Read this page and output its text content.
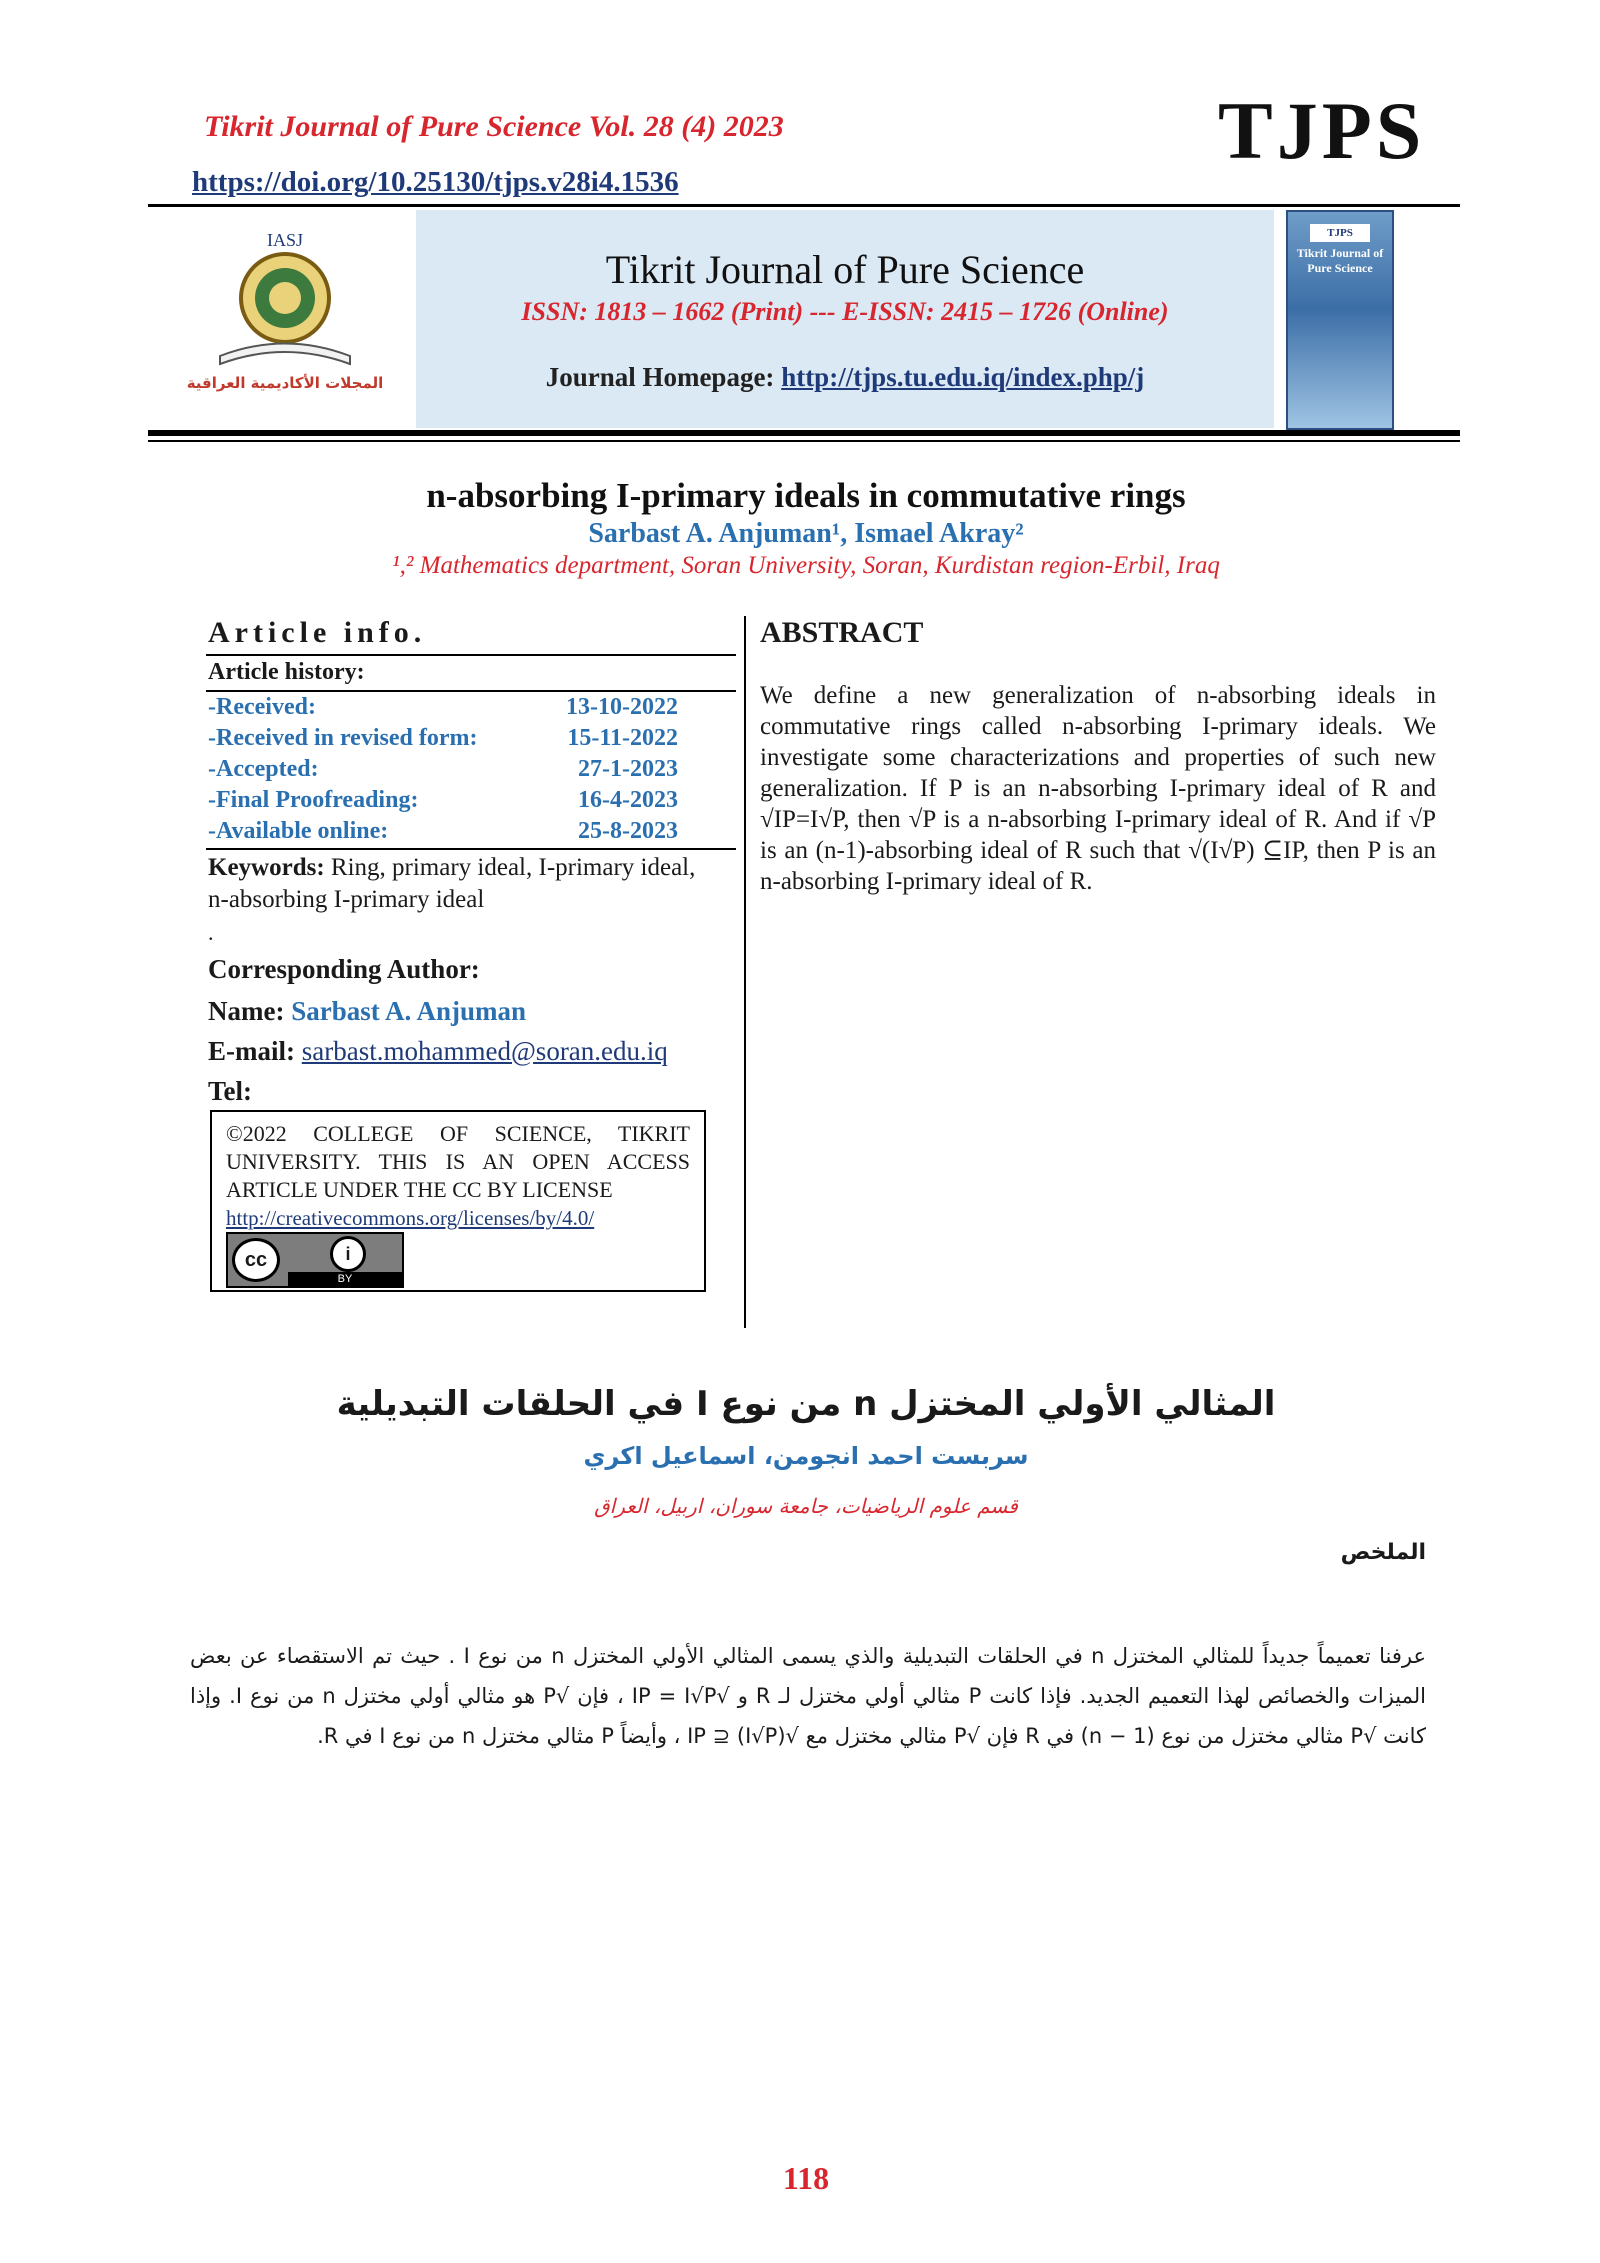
Tikrit Journal of Pure Science Vol. 28 (4) 2023
https://doi.org/10.25130/tjps.v28i4.1536
TJPS
IASJ
المجلات الأكاديمية العراقية
Tikrit Journal of Pure Science
ISSN: 1813 – 1662 (Print) --- E-ISSN: 2415 – 1726 (Online)
Journal Homepage: http://tjps.tu.edu.iq/index.php/j
TJPS
Tikrit Journal of Pure Science
n-absorbing I-primary ideals in commutative rings
Sarbast A. Anjuman¹, Ismael Akray²
¹,² Mathematics department, Soran University, Soran, Kurdistan region-Erbil, Iraq
Article info.
Article history:
-Received:	13-10-2022
-Received in revised form:	15-11-2022
-Accepted:	27-1-2023
-Final Proofreading:	16-4-2023
-Available online:	25-8-2023
Keywords: Ring, primary ideal, I-primary ideal, n-absorbing I-primary ideal
.
Corresponding Author:
Name: Sarbast A. Anjuman
E-mail: sarbast.mohammed@soran.edu.iq
Tel:
©2022 COLLEGE OF SCIENCE, TIKRIT UNIVERSITY. THIS IS AN OPEN ACCESS ARTICLE UNDER THE CC BY LICENSE
http://creativecommons.org/licenses/by/4.0/
cc	i
BY
ABSTRACT
We define a new generalization of n-absorbing ideals in commutative rings called n-absorbing I-primary ideals. We investigate some characterizations and properties of such new generalization. If P is an n-absorbing I-primary ideal of R and √IP=I√P, then √P is a n-absorbing I-primary ideal of R. And if √P is an (n-1)-absorbing ideal of R such that √(I√P) ⊆IP, then P is an n-absorbing I-primary ideal of R.
المثالي الأولي المختزل n من نوع I في الحلقات التبديلية
سربست احمد انجومن، اسماعيل اكري
قسم علوم الرياضيات، جامعة سوران، اربيل، العراق
الملخص
عرفنا تعميماً جديداً للمثالي المختزل n في الحلقات التبديلية والذي يسمى المثالي الأولي المختزل n من نوع I . حيث تم الاستقصاء عن بعض الميزات والخصائص لهذا التعميم الجديد. فإذا كانت P مثالي أولي مختزل لـ R و √IP = I√P ، فإن √P هو مثالي أولي مختزل n من نوع I. وإذا كانت √P مثالي مختزل من نوع (n − 1) في R فإن √P مثالي مختزل مع √(I√P) ⊆ IP ، وأيضاً P مثالي مختزل n من نوع I في R.
118
